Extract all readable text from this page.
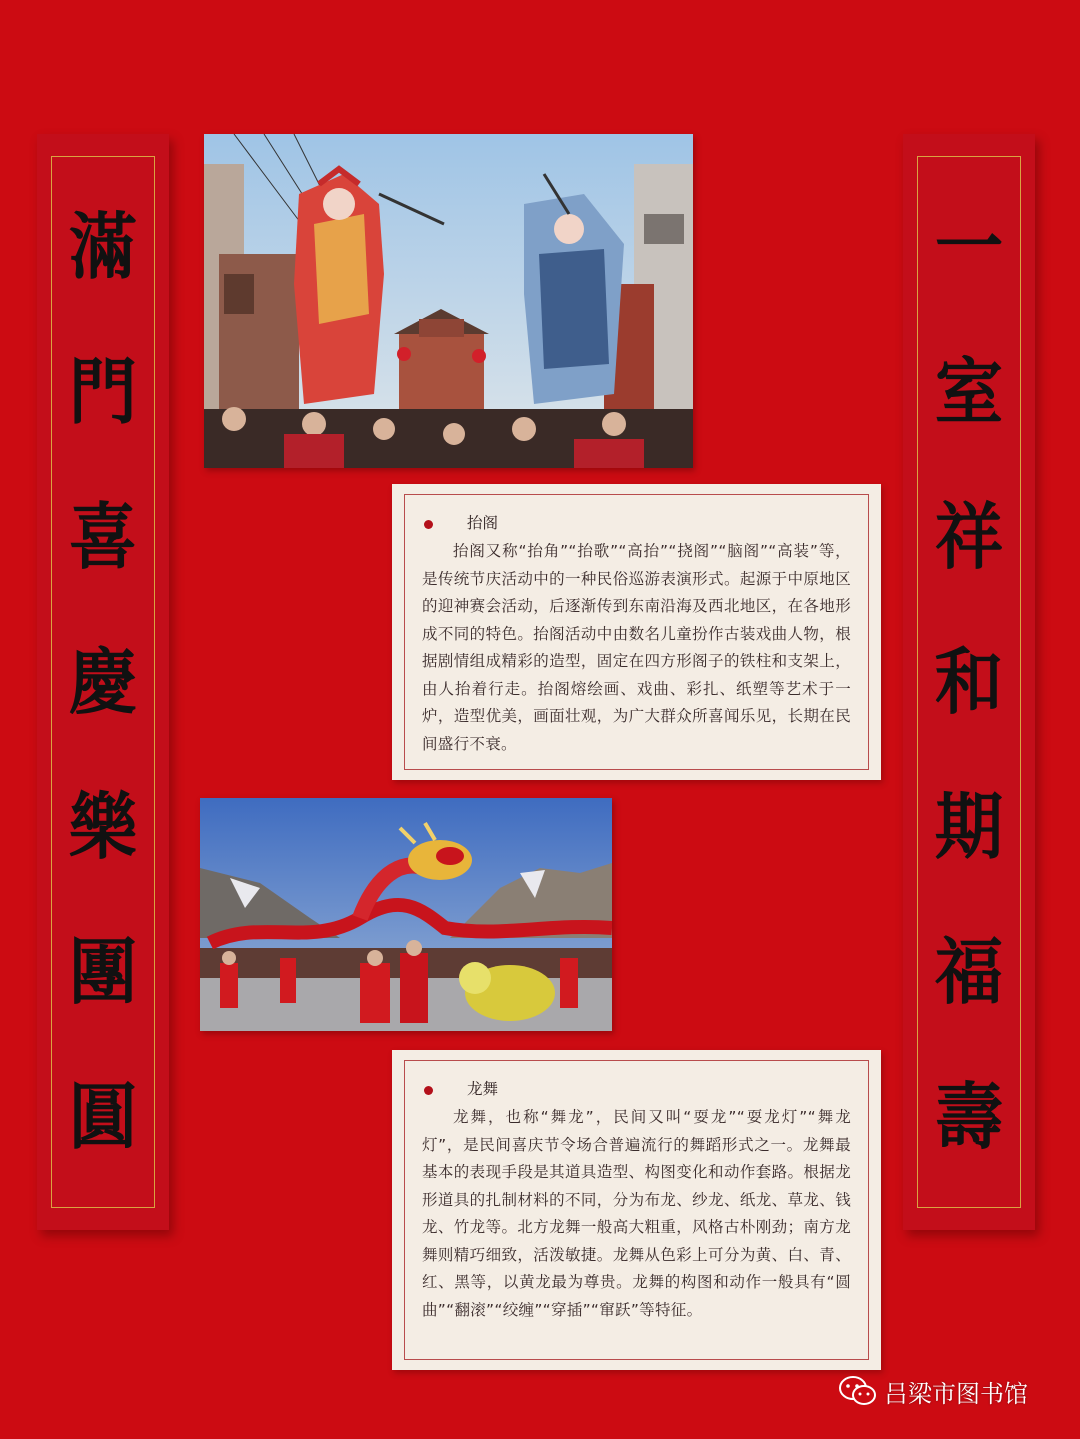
滿
門
喜
慶
樂
團
圓
一
室
祥
和
期
福
壽
抬阁
抬阁又称“抬角”“抬歌”“高抬”“挠阁”“脑阁”“高装”等，是传统节庆活动中的一种民俗巡游表演形式。起源于中原地区的迎神赛会活动，后逐渐传到东南沿海及西北地区，在各地形成不同的特色。抬阁活动中由数名儿童扮作古装戏曲人物，根据剧情组成精彩的造型，固定在四方形阁子的铁柱和支架上，由人抬着行走。抬阁熔绘画、戏曲、彩扎、纸塑等艺术于一炉，造型优美，画面壮观，为广大群众所喜闻乐见，长期在民间盛行不衰。
龙舞
龙舞，也称“舞龙”，民间又叫“耍龙”“耍龙灯”“舞龙灯”，是民间喜庆节令场合普遍流行的舞蹈形式之一。龙舞最基本的表现手段是其道具造型、构图变化和动作套路。根据龙形道具的扎制材料的不同，分为布龙、纱龙、纸龙、草龙、钱龙、竹龙等。北方龙舞一般高大粗重，风格古朴刚劲；南方龙舞则精巧细致，活泼敏捷。龙舞从色彩上可分为黄、白、青、红、黑等，以黄龙最为尊贵。龙舞的构图和动作一般具有“圆曲”“翻滚”“绞缠”“穿插”“窜跃”等特征。
吕梁市图书馆
